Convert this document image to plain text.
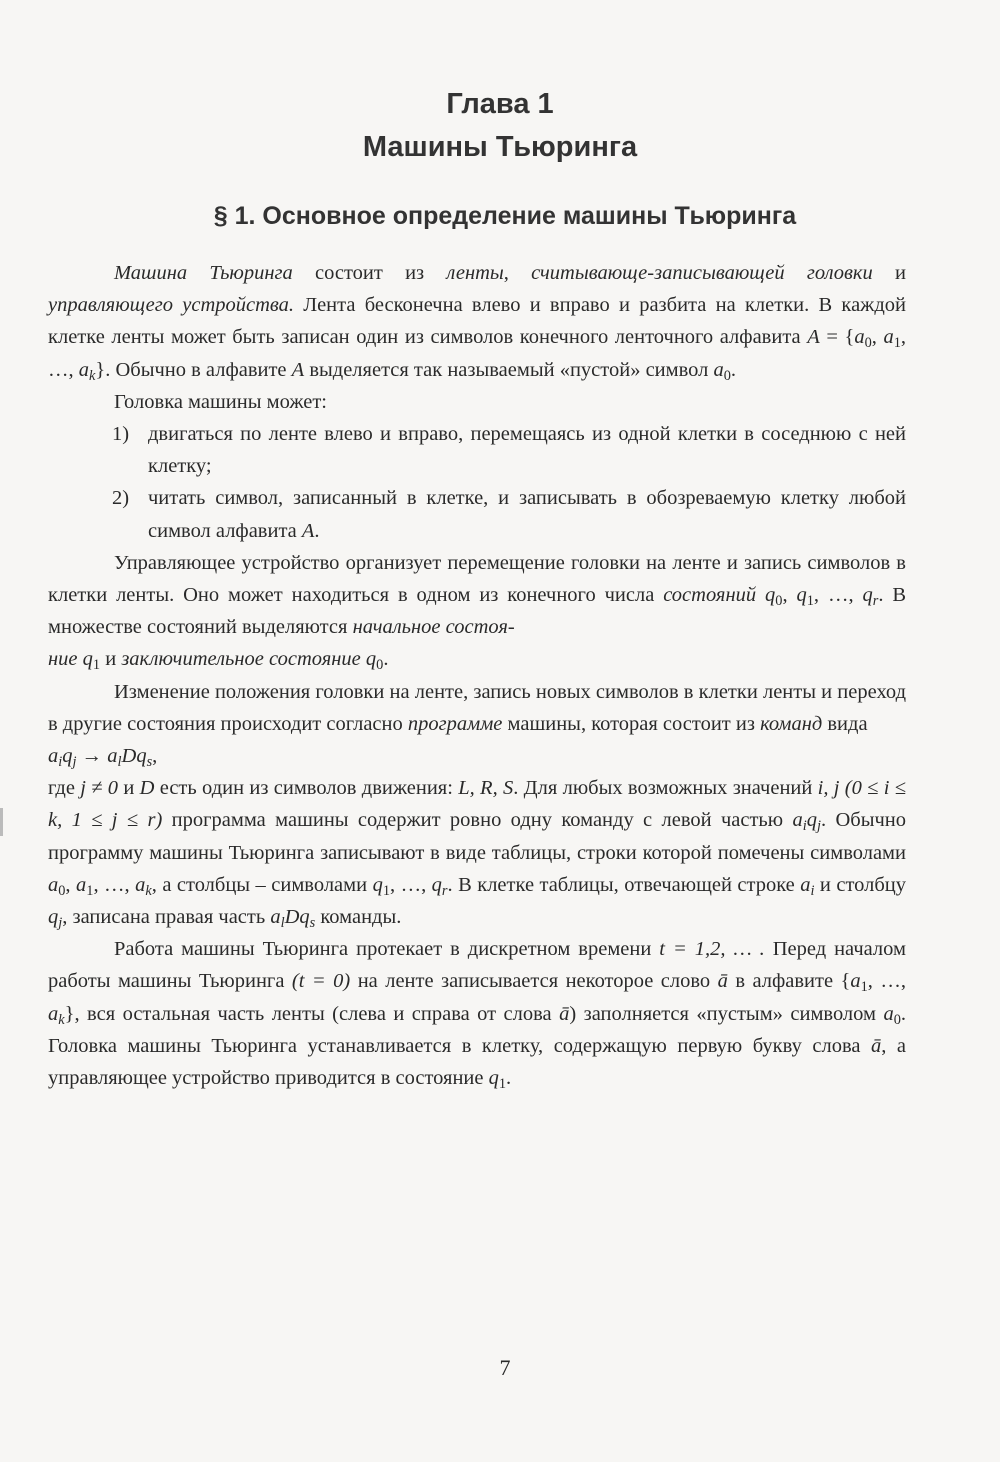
Глава 1
Машины Тьюринга
§ 1. Основное определение машины Тьюринга

Машина Тьюринга состоит из ленты, считывающе-записывающей головки и управляющего устройства. Лента бесконечна влево и вправо и разбита на клетки. В каждой клетке ленты может быть записан один из символов конечного ленточного алфавита $A = \{a_0$, $a_1$, …, $a_k$}. Обычно в алфавите A выделяется так называемый «пустой» символ $a_0$.

Головка машины может:

1) двигаться по ленте влево и вправо, перемещаясь из одной клетки в соседнюю с ней клетку;

2) читать символ, записанный в клетке, и записывать в обозреваемую клетку любой символ алфавита A.

Управляющее устройство организует перемещение головки на ленте и запись символов в клетки ленты. Оно может находиться в одном из конечного числа состояний $q_0$, $q_1$, …, $q_r$. В множестве состояний выделяются начальное состоя-
ние $q_1$ и заключительное состояние $q_0$.

Изменение положения головки на ленте, запись новых символов в клетки ленты и переход в другие состояния происходит согласно программе машины, которая состоит из команд вида

$a_iq_j \to a_lDq_s$,

где j ≠ 0 и D есть один из символов движения: L, R, S. Для любых возможных значений i, j (0 ≤ i ≤ k, 1 ≤ j ≤ r) программа машины содержит ровно одну команду с левой частью $a_iq_j$. Обычно программу машины Тьюринга записывают в виде таблицы, строки которой помечены символами $a_0$, $a_1$, …, $a_k$, а столбцы – символами $q_1$, …, $q_r$. В клетке таблицы, отвечающей строке $a_i$ и столбцу $q_j$, записана правая часть $a_lDq_s$ команды.

Работа машины Тьюринга протекает в дискретном времени t = 1,2, … . Перед началом работы машины Тьюринга (t = 0) на ленте записывается некоторое слово ā в алфавите {$a_1$, …, $a_k$}, вся остальная часть ленты (слева и справа от слова ā) заполняется «пустым» символом $a_0$. Головка машины Тьюринга устанавливается в клетку, содержащую первую букву слова ā, а управляющее устройство приводится в состояние $q_1$.

7
